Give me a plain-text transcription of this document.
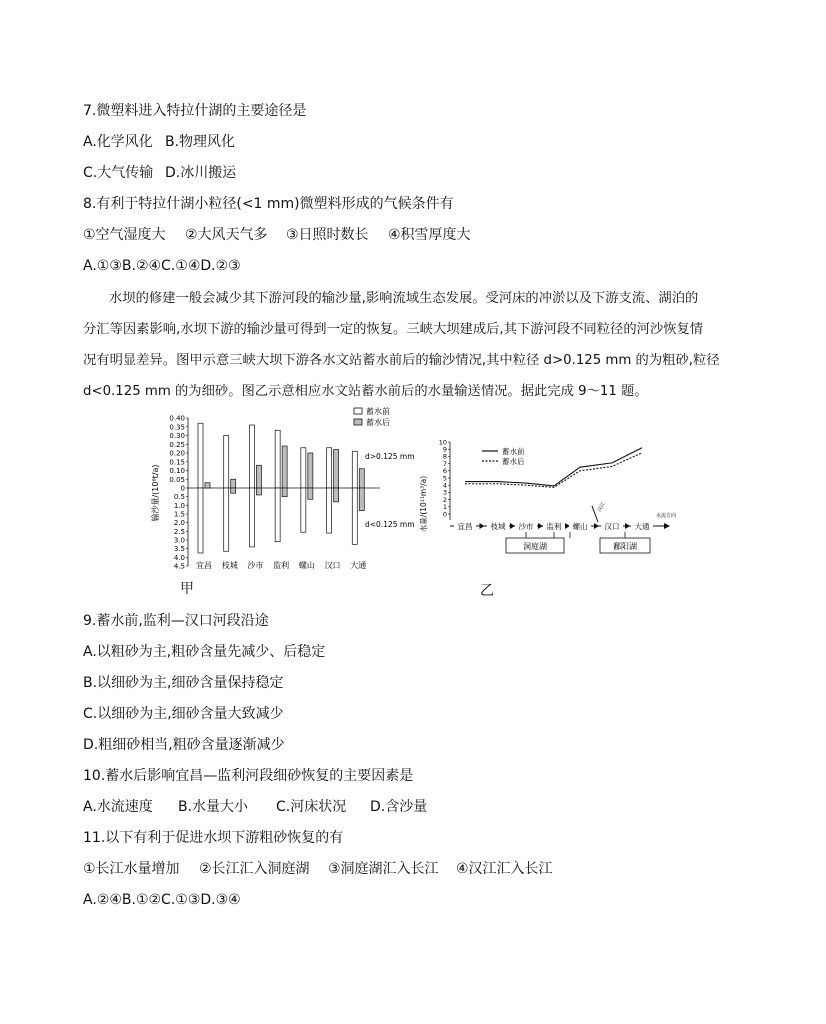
7.微塑料进入特拉什湖的主要途径是
A.化学风化 B.物理风化
C.大气传输 D.冰川搬运
8.有利于特拉什湖小粒径(<1 mm)微塑料形成的气候条件有
①空气湿度大 ②大风天气多 ③日照时数长 ④积雪厚度大
A.①③B.②④C.①④D.②③
水坝的修建一般会减少其下游河段的输沙量,影响流域生态发展。受河床的冲淤以及下游支流、湖泊的
分汇等因素影响,水坝下游的输沙量可得到一定的恢复。三峡大坝建成后,其下游河段不同粒径的河沙恢复情
况有明显差异。图甲示意三峡大坝下游各水文站蓄水前后的输沙情况,其中粒径 d>0.125 mm 的为粗砂,粒径
d<0.125 mm 的为细砂。图乙示意相应水文站蓄水前后的水量输送情况。据此完成 9～11 题。
0.40
0.35
0.30
0.25
0.20
0.15
0.10
0.05
0
0.5
1.0
1.5
2.0
2.5
3.0
3.5
4.0
4.5 宜昌 枝城 沙市 监利 螺山 汉口 大通
输沙量/(10⁸t/a)
蓄水前
蓄水后
d>0.125 mm
d<0.125 mm
甲
0
1
2
3
4
5
6
7
8
9
10
水量/(10¹¹m³/a)
蓄水前
蓄水后
洞庭湖	鄱阳湖
汉江
水流方向
宜昌 枝城 沙市 监利 螺山 汉口 大通
乙
9.蓄水前,监利—汉口河段沿途
A.以粗砂为主,粗砂含量先减少、后稳定
B.以细砂为主,细砂含量保持稳定
C.以细砂为主,细砂含量大致减少
D.粗细砂相当,粗砂含量逐渐减少
10.蓄水后影响宜昌—监利河段细砂恢复的主要因素是
A.水流速度 B.水量大小 C.河床状况 D.含沙量
11.以下有利于促进水坝下游粗砂恢复的有
①长江水量增加 ②长江汇入洞庭湖 ③洞庭湖汇入长江 ④汉江汇入长江
A.②④B.①②C.①③D.③④
